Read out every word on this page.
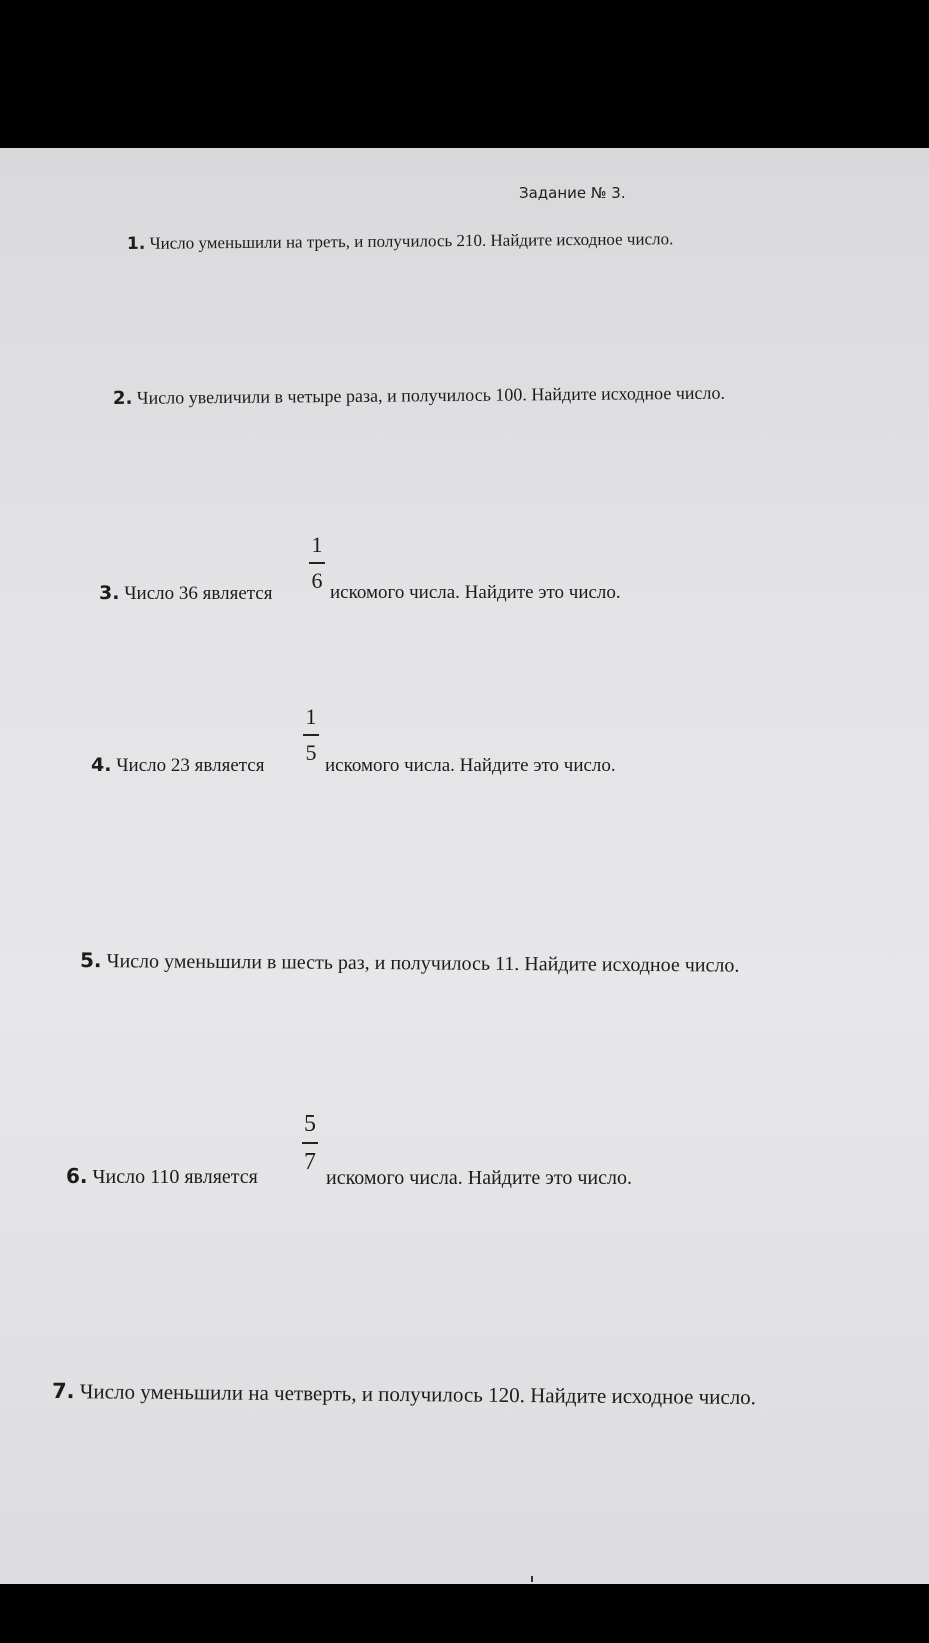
Задание № 3.
1. Число уменьшили на треть, и получилось 210. Найдите исходное число.
2. Число увеличили в четыре раза, и получилось 100. Найдите исходное число.
3. Число 36 является
1
6 искомого числа. Найдите это число.
4. Число 23 является
1
5
искомого числа. Найдите это число.
5. Число уменьшили в шесть раз, и получилось 11. Найдите исходное число.
6. Число 110 является
5
7
искомого числа. Найдите это число.
7. Число уменьшили на четверть, и получилось 120. Найдите исходное число.
